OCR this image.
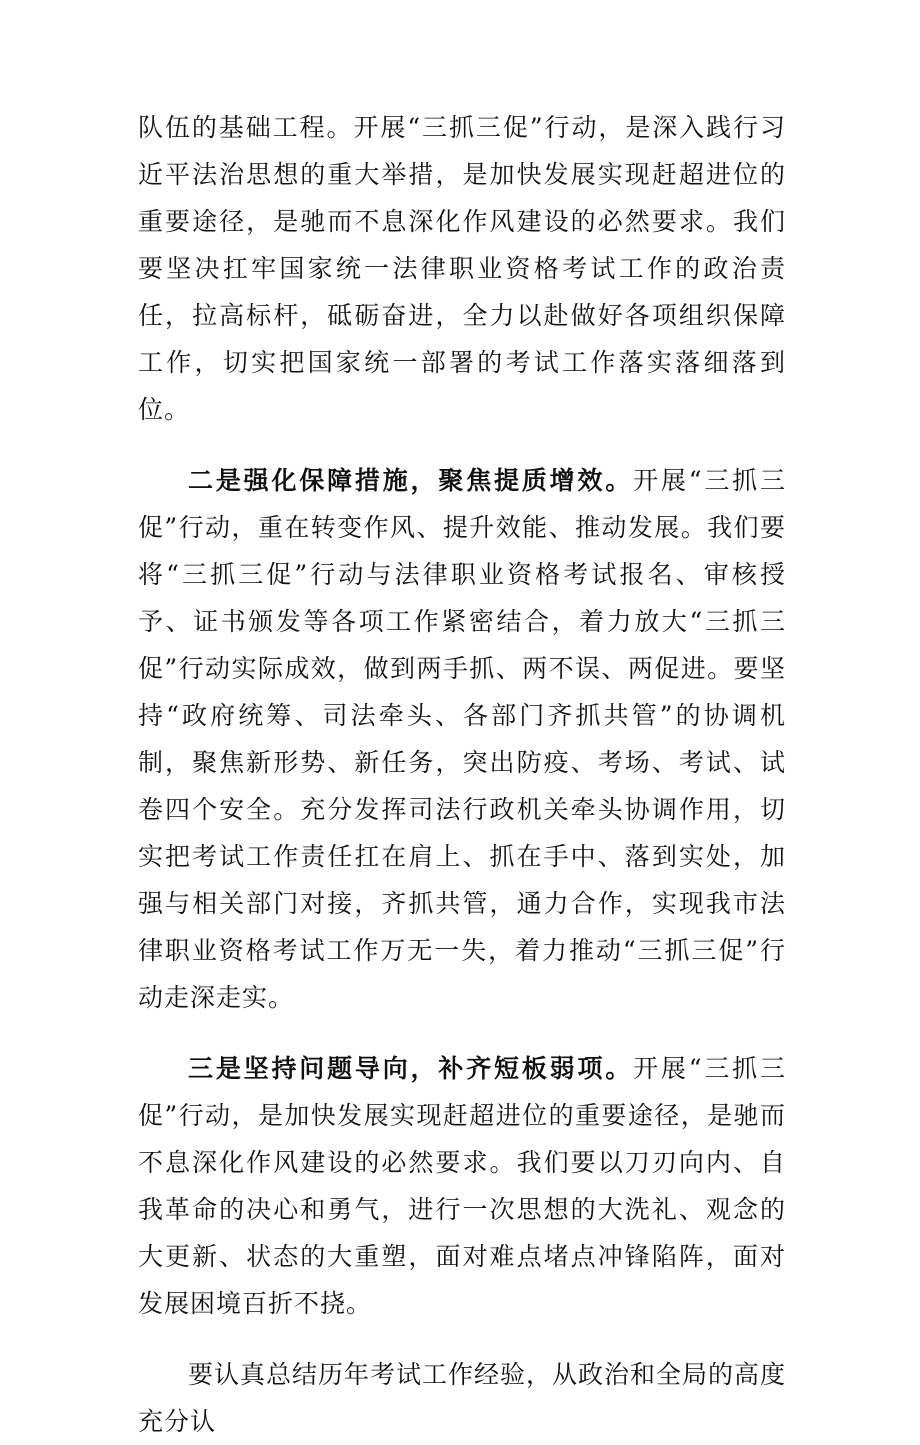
队伍的基础工程。开展“三抓三促”行动，是深入践行习近平法治思想的重大举措，是加快发展实现赶超进位的重要途径，是驰而不息深化作风建设的必然要求。我们要坚决扛牢国家统一法律职业资格考试工作的政治责任，拉高标杆，砥砺奋进，全力以赴做好各项组织保障工作，切实把国家统一部署的考试工作落实落细落到位。

二是强化保障措施，聚焦提质增效。开展“三抓三促”行动，重在转变作风、提升效能、推动发展。我们要将“三抓三促”行动与法律职业资格考试报名、审核授予、证书颁发等各项工作紧密结合，着力放大“三抓三促”行动实际成效，做到两手抓、两不误、两促进。要坚持“政府统筹、司法牵头、各部门齐抓共管”的协调机制，聚焦新形势、新任务，突出防疫、考场、考试、试卷四个安全。充分发挥司法行政机关牵头协调作用，切实把考试工作责任扛在肩上、抓在手中、落到实处，加强与相关部门对接，齐抓共管，通力合作，实现我市法律职业资格考试工作万无一失，着力推动“三抓三促”行动走深走实。

三是坚持问题导向，补齐短板弱项。开展“三抓三促”行动，是加快发展实现赶超进位的重要途径，是驰而不息深化作风建设的必然要求。我们要以刀刃向内、自我革命的决心和勇气，进行一次思想的大洗礼、观念的大更新、状态的大重塑，面对难点堵点冲锋陷阵，面对发展困境百折不挠。

要认真总结历年考试工作经验，从政治和全局的高度充分认
